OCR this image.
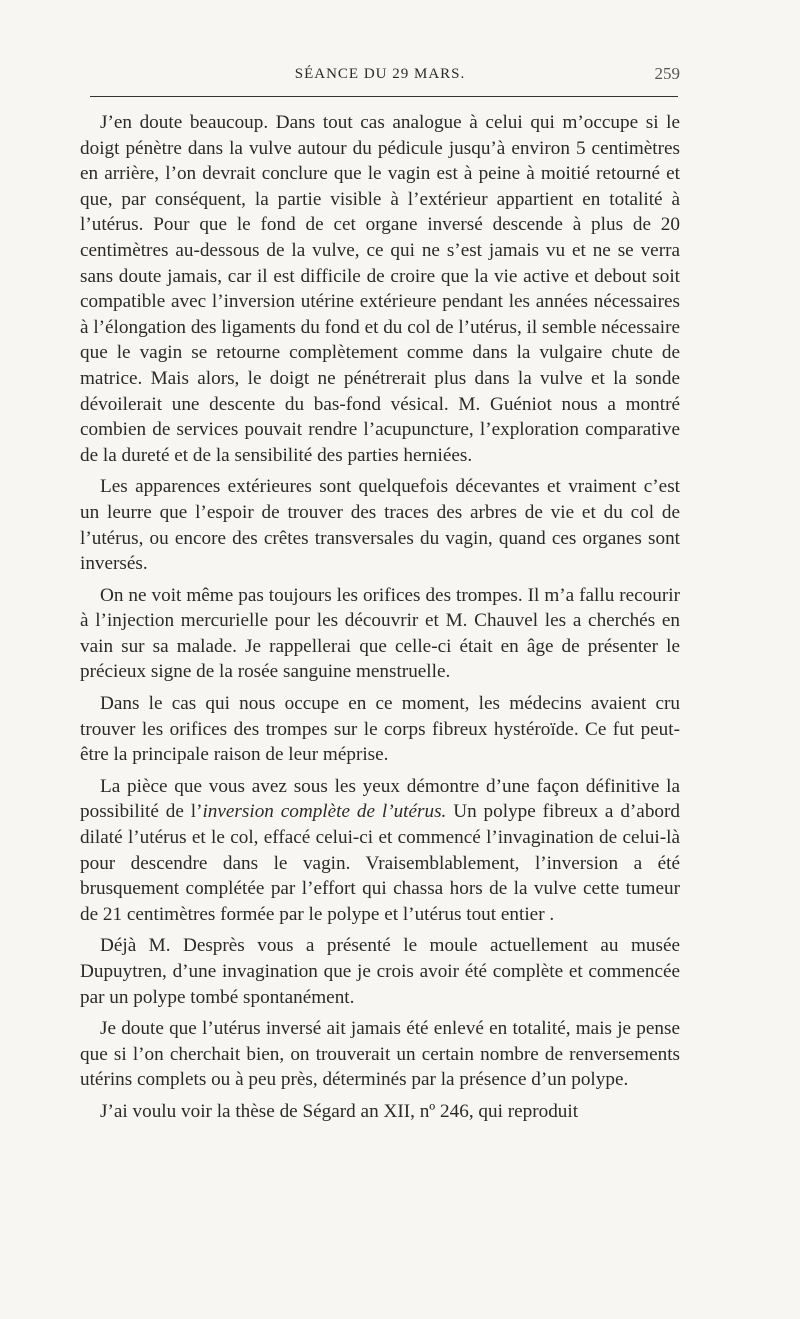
SÉANCE DU 29 MARS.	259

J’en doute beaucoup. Dans tout cas analogue à celui qui m’occupe si le doigt pénètre dans la vulve autour du pédicule jusqu’à environ 5 centimètres en arrière, l’on devrait conclure que le vagin est à peine à moitié retourné et que, par conséquent, la partie visible à l’extérieur appartient en totalité à l’utérus. Pour que le fond de cet organe inversé descende à plus de 20 centimètres au-dessous de la vulve, ce qui ne s’est jamais vu et ne se verra sans doute jamais, car il est difficile de croire que la vie active et debout soit compatible avec l’inversion utérine extérieure pendant les années nécessaires à l’élongation des ligaments du fond et du col de l’utérus, il semble nécessaire que le vagin se retourne complètement comme dans la vulgaire chute de matrice. Mais alors, le doigt ne pénétrerait plus dans la vulve et la sonde dévoilerait une descente du bas-fond vésical. M. Guéniot nous a montré combien de services pouvait rendre l’acupuncture, l’exploration comparative de la dureté et de la sensibilité des parties herniées.

Les apparences extérieures sont quelquefois décevantes et vraiment c’est un leurre que l’espoir de trouver des traces des arbres de vie et du col de l’utérus, ou encore des crêtes transversales du vagin, quand ces organes sont inversés.

On ne voit même pas toujours les orifices des trompes. Il m’a fallu recourir à l’injection mercurielle pour les découvrir et M. Chauvel les a cherchés en vain sur sa malade. Je rappellerai que celle-ci était en âge de présenter le précieux signe de la rosée sanguine menstruelle.

Dans le cas qui nous occupe en ce moment, les médecins avaient cru trouver les orifices des trompes sur le corps fibreux hystéroïde. Ce fut peut-être la principale raison de leur méprise.

La pièce que vous avez sous les yeux démontre d’une façon définitive la possibilité de l’inversion complète de l’utérus. Un polype fibreux a d’abord dilaté l’utérus et le col, effacé celui-ci et commencé l’invagination de celui-là pour descendre dans le vagin. Vraisemblablement, l’inversion a été brusquement complétée par l’effort qui chassa hors de la vulve cette tumeur de 21 centimètres formée par le polype et l’utérus tout entier .

Déjà M. Desprès vous a présenté le moule actuellement au musée Dupuytren, d’une invagination que je crois avoir été complète et commencée par un polype tombé spontanément.

Je doute que l’utérus inversé ait jamais été enlevé en totalité, mais je pense que si l’on cherchait bien, on trouverait un certain nombre de renversements utérins complets ou à peu près, déterminés par la présence d’un polype.

J’ai voulu voir la thèse de Ségard an XII, nº 246, qui reproduit
